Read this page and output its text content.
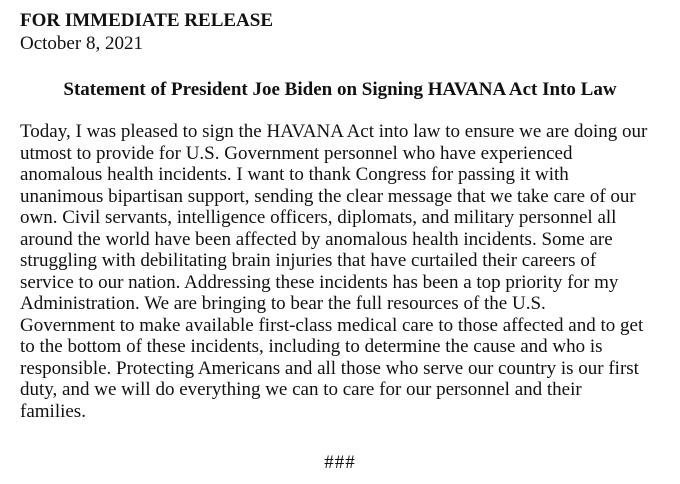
FOR IMMEDIATE RELEASE
October 8, 2021
Statement of President Joe Biden on Signing HAVANA Act Into Law
Today, I was pleased to sign the HAVANA Act into law to ensure we are doing our
utmost to provide for U.S. Government personnel who have experienced
anomalous health incidents. I want to thank Congress for passing it with
unanimous bipartisan support, sending the clear message that we take care of our
own. Civil servants, intelligence officers, diplomats, and military personnel all
around the world have been affected by anomalous health incidents. Some are
struggling with debilitating brain injuries that have curtailed their careers of
service to our nation. Addressing these incidents has been a top priority for my
Administration. We are bringing to bear the full resources of the U.S.
Government to make available first-class medical care to those affected and to get
to the bottom of these incidents, including to determine the cause and who is
responsible. Protecting Americans and all those who serve our country is our first
duty, and we will do everything we can to care for our personnel and their
families.
###
